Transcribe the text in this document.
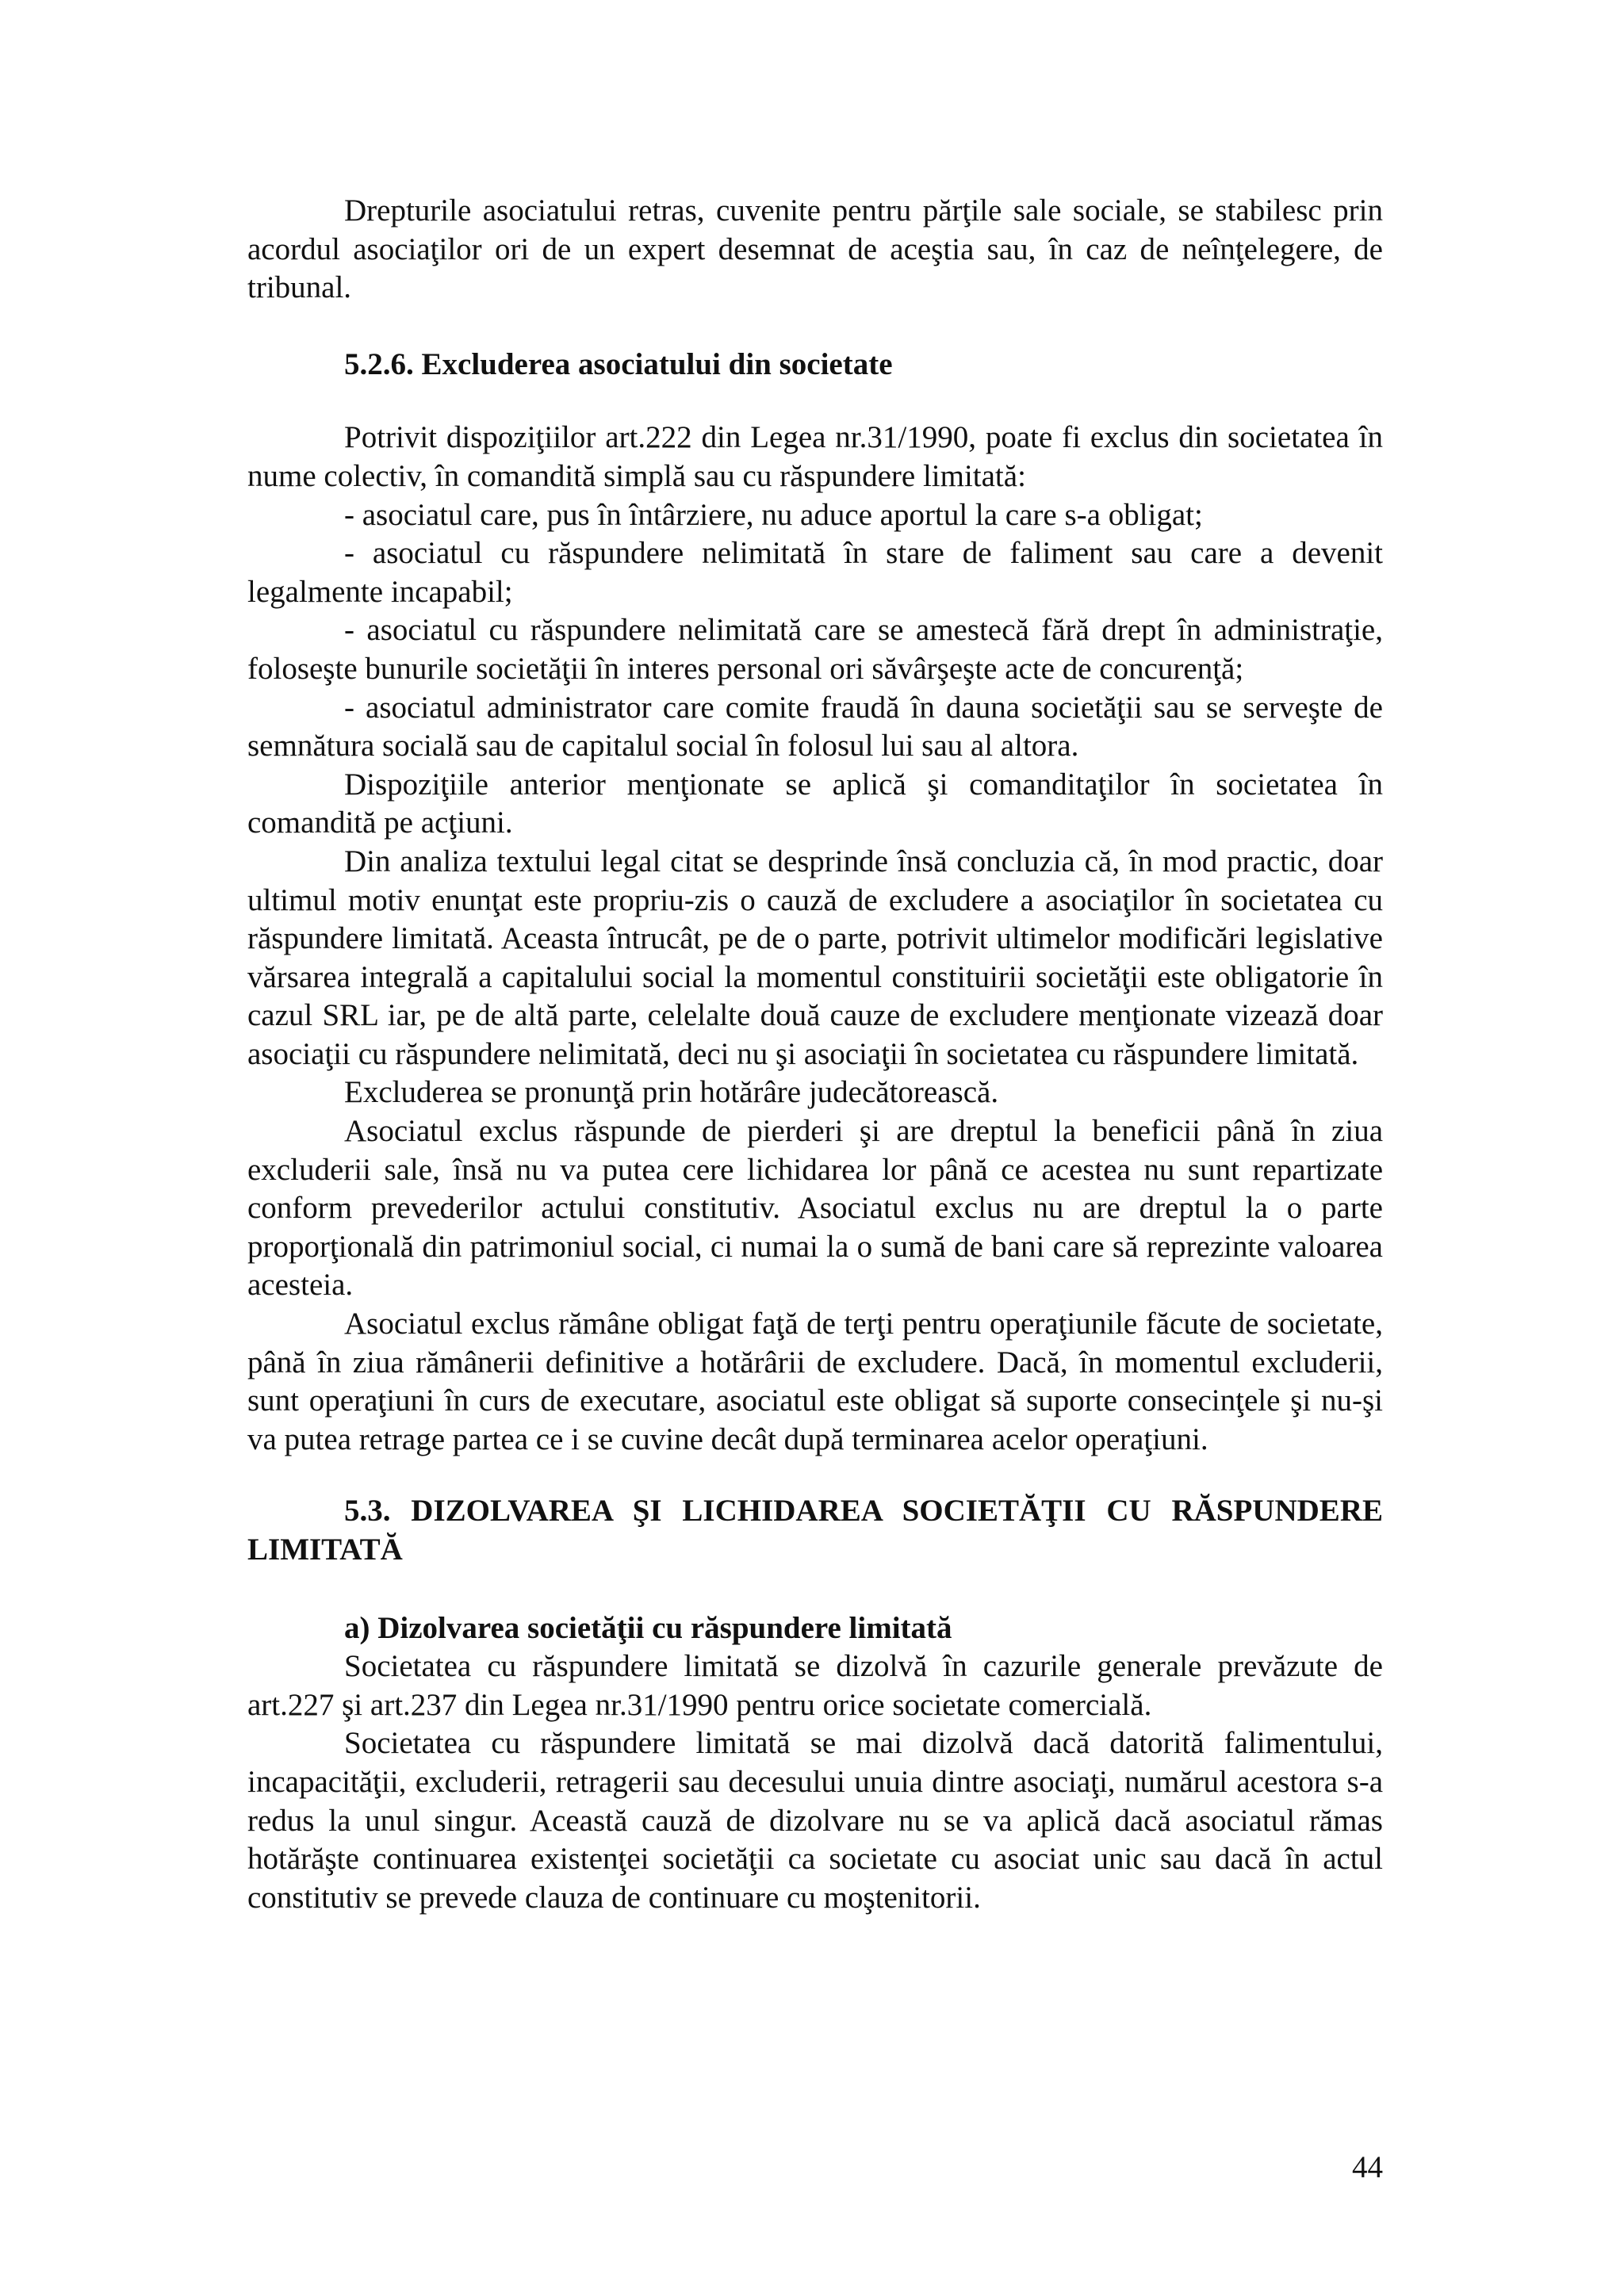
Drepturile asociatului retras, cuvenite pentru părţile sale sociale, se stabilesc prin acordul asociaţilor ori de un expert desemnat de aceştia sau, în caz de neînţelegere, de tribunal.

5.2.6. Excluderea asociatului din societate

Potrivit dispoziţiilor art.222 din Legea nr.31/1990, poate fi exclus din societatea în nume colectiv, în comandită simplă sau cu răspundere limitată:

- asociatul care, pus în întârziere, nu aduce aportul la care s-a obligat;

- asociatul cu răspundere nelimitată în stare de faliment sau care a devenit legalmente incapabil;

- asociatul cu răspundere nelimitată care se amestecă fără drept în administraţie, foloseşte bunurile societăţii în interes personal ori săvârşeşte acte de concurenţă;

- asociatul administrator care comite fraudă în dauna societăţii sau se serveşte de semnătura socială sau de capitalul social în folosul lui sau al altora.

Dispoziţiile anterior menţionate se aplică şi comanditaţilor în societatea în comandită pe acţiuni.

Din analiza textului legal citat se desprinde însă concluzia că, în mod practic, doar ultimul motiv enunţat este propriu-zis o cauză de excludere a asociaţilor în societatea cu răspundere limitată. Aceasta întrucât, pe de o parte, potrivit ultimelor modificări legislative vărsarea integrală a capitalului social la momentul constituirii societăţii este obligatorie în cazul SRL iar, pe de altă parte, celelalte două cauze de excludere menţionate vizează doar asociaţii cu răspundere nelimitată, deci nu şi asociaţii în societatea cu răspundere limitată.

Excluderea se pronunţă prin hotărâre judecătorească.

Asociatul exclus răspunde de pierderi şi are dreptul la beneficii până în ziua excluderii sale, însă nu va putea cere lichidarea lor până ce acestea nu sunt repartizate conform prevederilor actului constitutiv. Asociatul exclus nu are dreptul la o parte proporţională din patrimoniul social, ci numai la o sumă de bani care să reprezinte valoarea acesteia.

Asociatul exclus rămâne obligat faţă de terţi pentru operaţiunile făcute de societate, până în ziua rămânerii definitive a hotărârii de excludere. Dacă, în momentul excluderii, sunt operaţiuni în curs de executare, asociatul este obligat să suporte consecinţele şi nu-şi va putea retrage partea ce i se cuvine decât după terminarea acelor operaţiuni.

5.3. DIZOLVAREA ŞI LICHIDAREA SOCIETĂŢII CU RĂSPUNDERE LIMITATĂ
a) Dizolvarea societăţii cu răspundere limitată

Societatea cu răspundere limitată se dizolvă în cazurile generale prevăzute de art.227 şi art.237 din Legea nr.31/1990 pentru orice societate comercială.

Societatea cu răspundere limitată se mai dizolvă dacă datorită falimentului, incapacităţii, excluderii, retragerii sau decesului unuia dintre asociaţi, numărul acestora s-a redus la unul singur. Această cauză de dizolvare nu se va aplică dacă asociatul rămas hotărăşte continuarea existenţei societăţii ca societate cu asociat unic sau dacă în actul constitutiv se prevede clauza de continuare cu moştenitorii.

44
